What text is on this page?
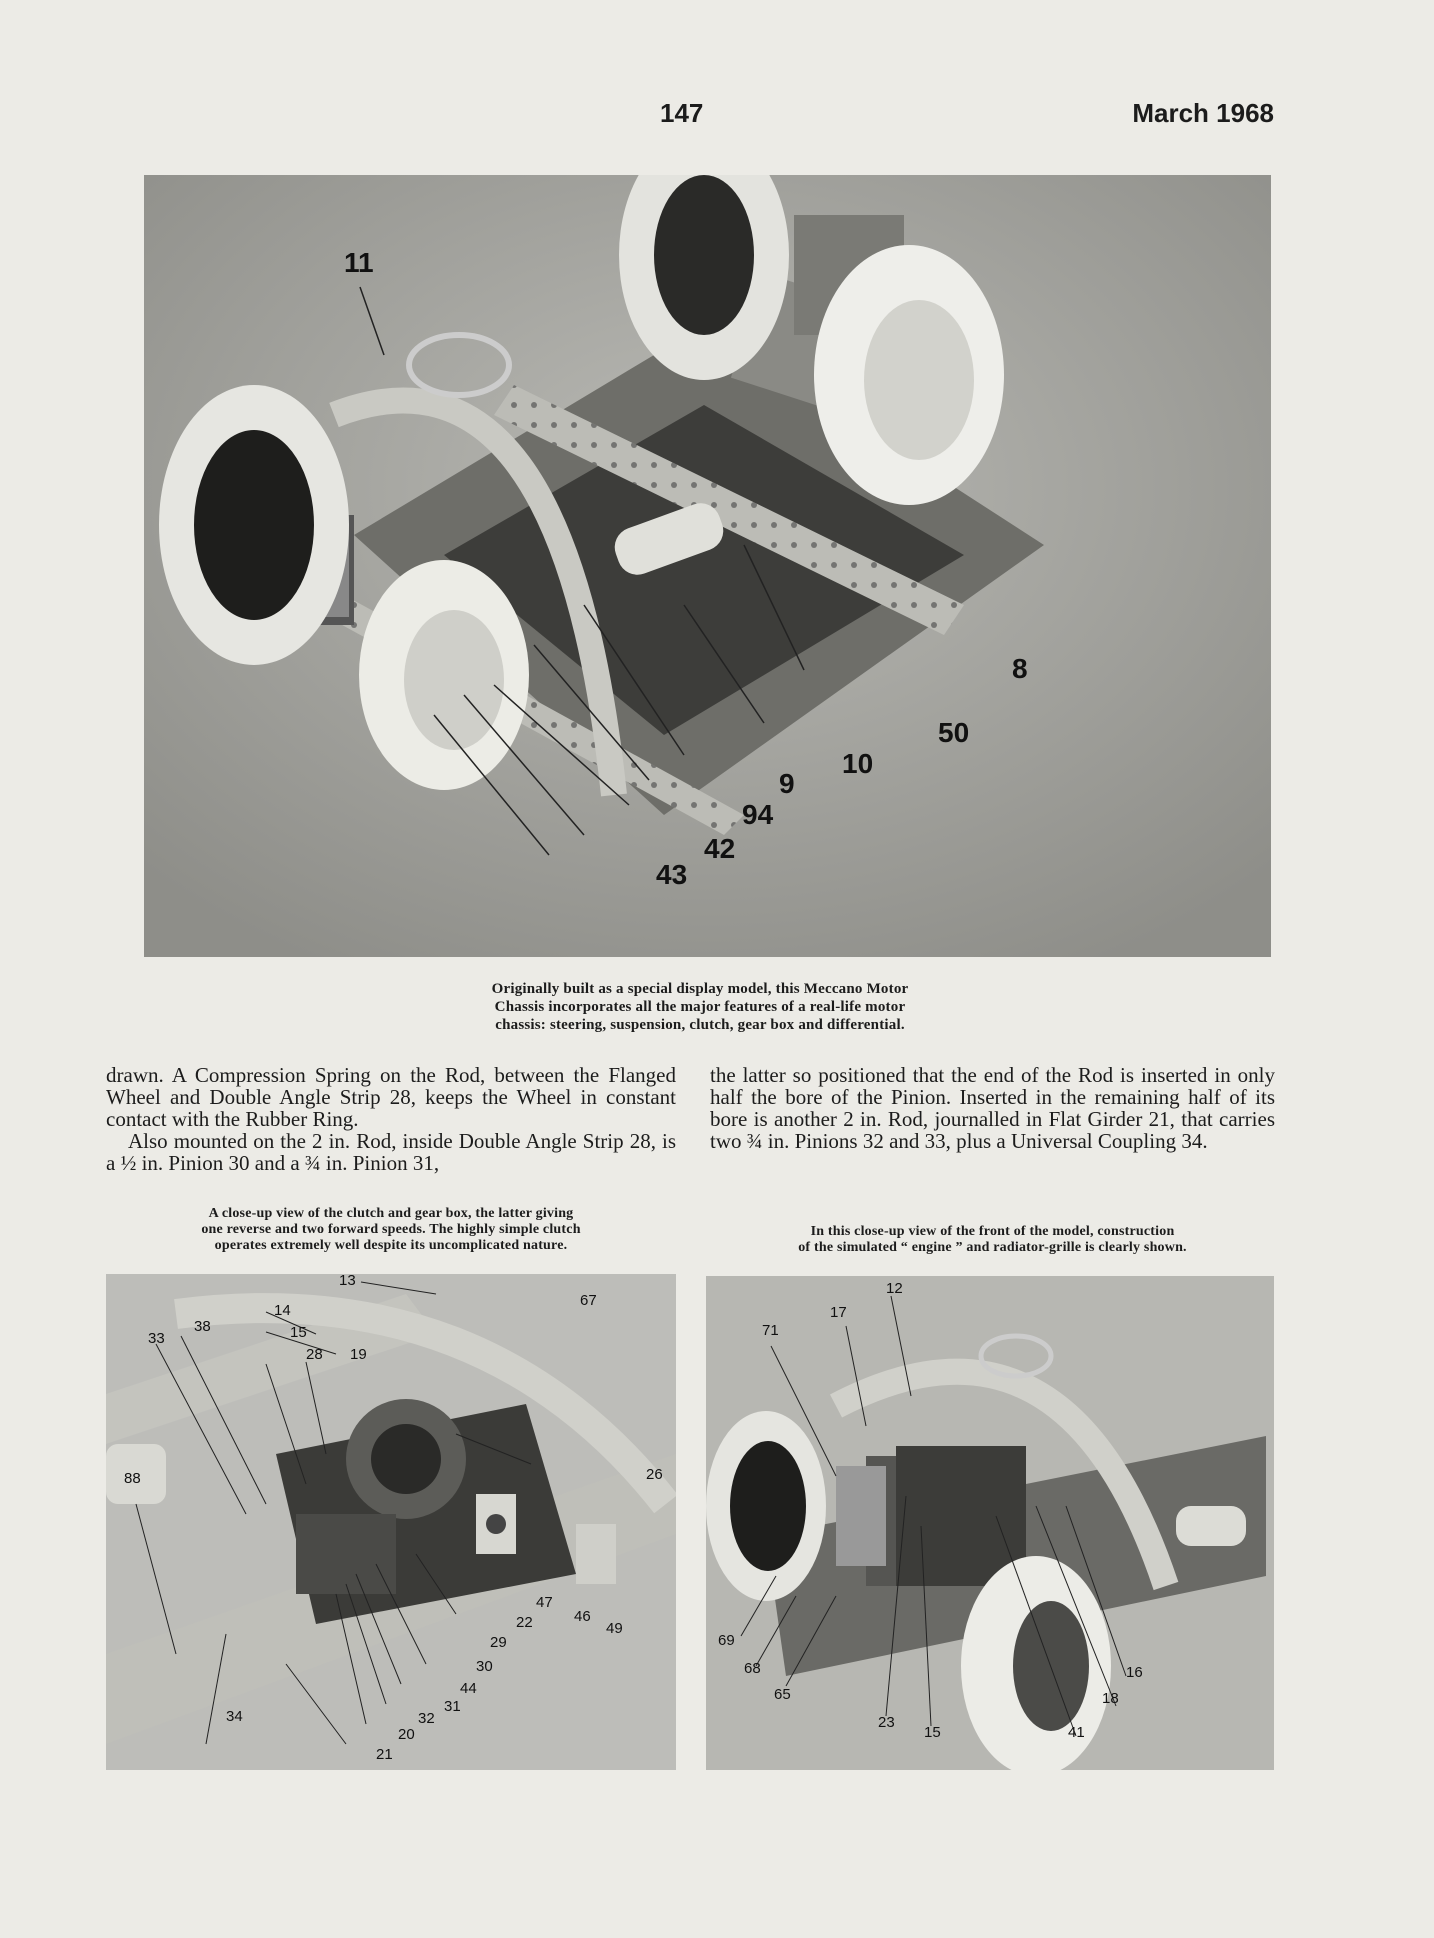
147	March 1968
11
8
50
10
9
94
42
43
Originally built as a special display model, this Meccano Motor
Chassis incorporates all the major features of a real-life motor
chassis: steering, suspension, clutch, gear box and differential.

drawn. A Compression Spring on the Rod, between the Flanged Wheel and Double Angle Strip 28, keeps the Wheel in constant contact with the Rubber Ring.

Also mounted on the 2 in. Rod, inside Double Angle Strip 28, is a ½ in. Pinion 30 and a ¾ in. Pinion 31,

the latter so positioned that the end of the Rod is inserted in only half the bore of the Pinion. Inserted in the remaining half of its bore is another 2 in. Rod, journalled in Flat Girder 21, that carries two ¾ in. Pinions 32 and 33, plus a Universal Coupling 34.

A close-up view of the clutch and gear box, the latter giving
one reverse and two forward speeds. The highly simple clutch
operates extremely well despite its uncomplicated nature.
In this close-up view of the front of the model, construction
of the simulated “ engine ” and radiator-grille is clearly shown.
13
67
14
33
38	15
28 19
88	26
47
22	46
49
29
30
44
31
32
34
20
21
12
17
71
69
68
65
23
15	41
18
16
